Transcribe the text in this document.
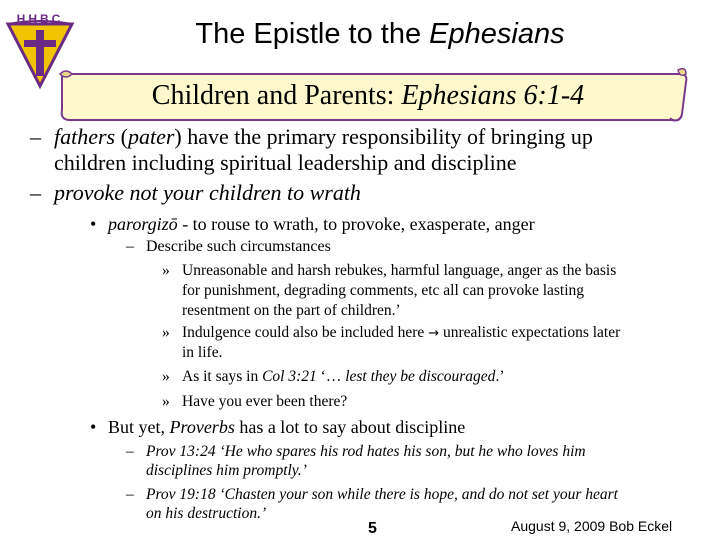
HHBC	The Epistle to the Ephesians
Children and Parents: Ephesians 6:1-4
– fathers (pater) have the primary responsibility of bringing up
children including spiritual leadership and discipline
– provoke not your children to wrath
• parorgizō - to rouse to wrath, to provoke, exasperate, anger
– Describe such circumstances
» Unreasonable and harsh rebukes, harmful language, anger as the basis
for punishment, degrading comments, etc all can provoke lasting
resentment on the part of children.’
» Indulgence could also be included here → unrealistic expectations later
in life.
» As it says in Col 3:21 ‘… lest they be discouraged.’
» Have you ever been there?
• But yet, Proverbs has a lot to say about discipline
– Prov 13:24 ‘He who spares his rod hates his son, but he who loves him
disciplines him promptly.’
– Prov 19:18 ‘Chasten your son while there is hope, and do not set your heart
on his destruction.’
5	August 9, 2009 Bob Eckel
